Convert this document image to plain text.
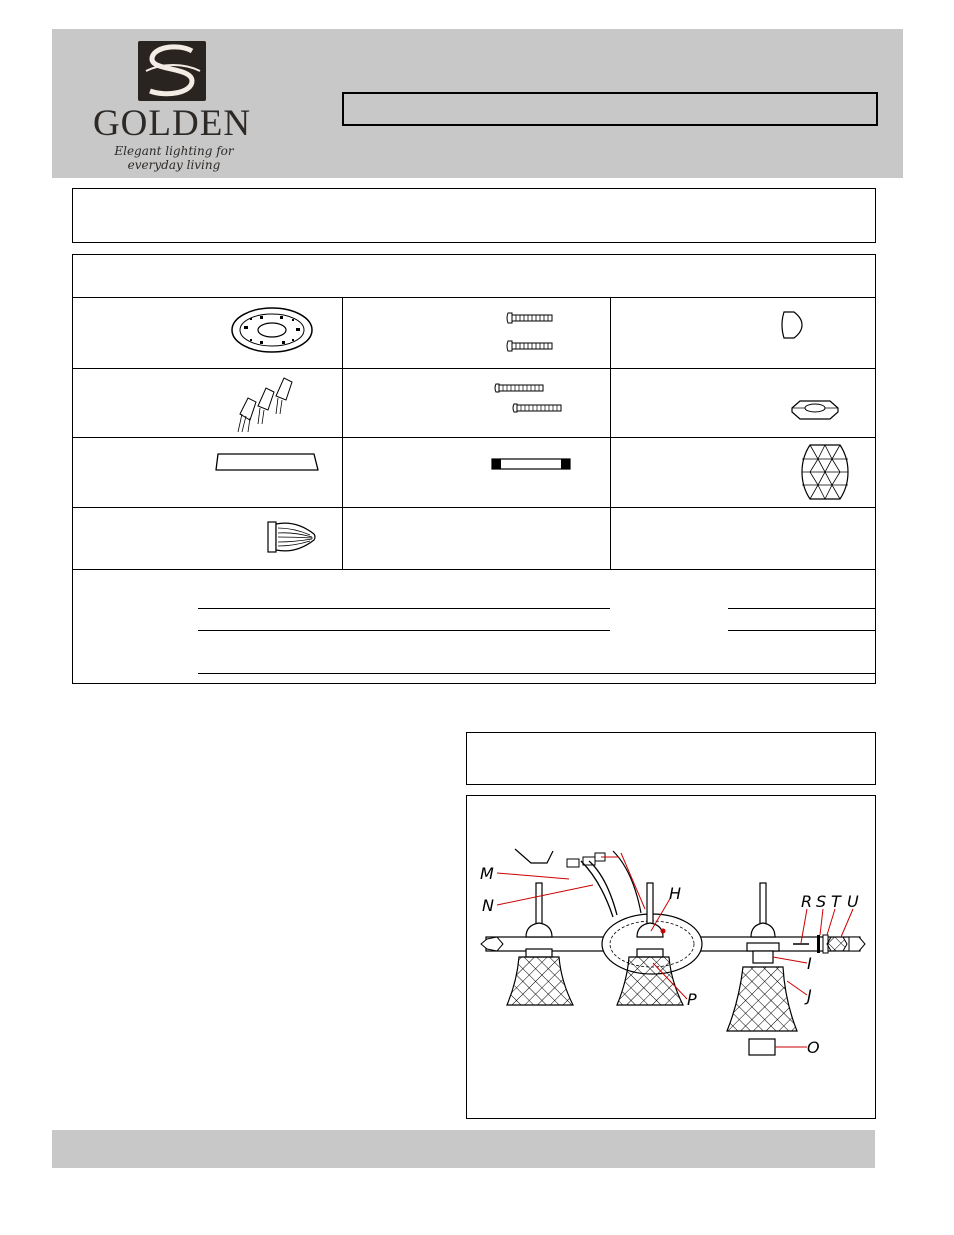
GOLDEN
Elegant lighting for everyday living
M
N
H
P
R S T U
I
J
O
